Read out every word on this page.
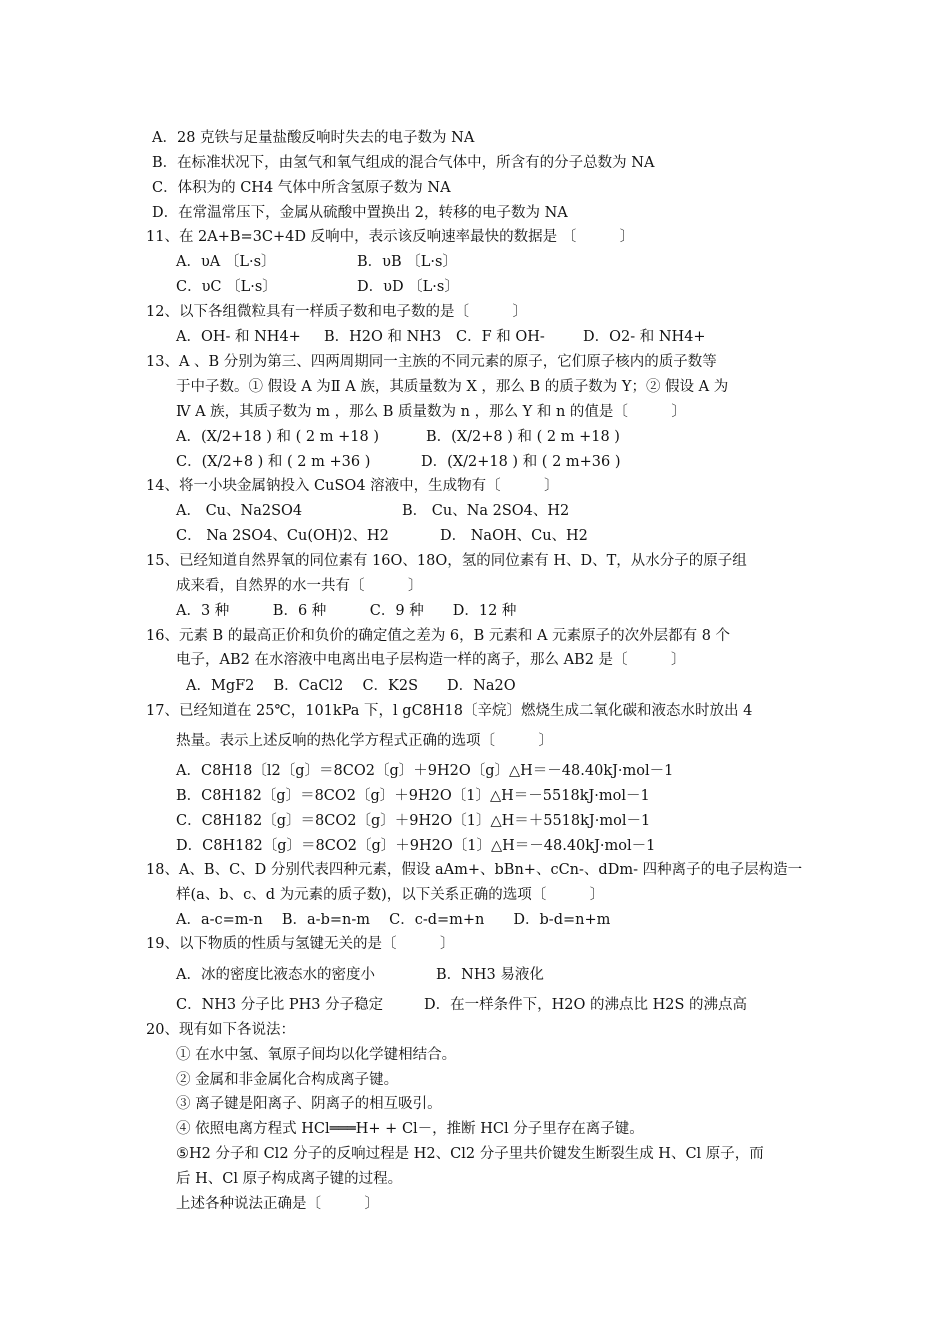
A．28 克铁与足量盐酸反响时失去的电子数为 NA
B．在标准状况下，由氢气和氧气组成的混合气体中，所含有的分子总数为 NA
C．体积为的 CH4 气体中所含氢原子数为 NA
D．在常温常压下，金属从硫酸中置换出 2，转移的电子数为 NA
11、在 2A+B=3C+4D 反响中，表示该反响速率最快的数据是 〔　　　〕
A．υA 〔L·s〕	B．υB 〔L·s〕
C．υC 〔L·s〕	D．υD 〔L·s〕
12、以下各组微粒具有一样质子数和电子数的是〔　　　〕
A．OH- 和 NH4+ B．H2O 和 NH3 C．F 和 OH-	D．O2- 和 NH4+
13、A 、B 分别为第三、四两周期同一主族的不同元素的原子，它们原子核内的质子数等
于中子数。① 假设 A 为Ⅱ A 族，其质量数为 X ，那么 B 的质子数为 Y；② 假设 A 为
Ⅳ A 族，其质子数为 m ，那么 B 质量数为 n ，那么 Y 和 n 的值是〔　　　〕
A．(X/2+18 ) 和 ( 2 m +18 )	B．(X/2+8 ) 和 ( 2 m +18 )
C．(X/2+8 ) 和 ( 2 m +36 )	D．(X/2+18 ) 和 ( 2 m+36 )
14、将一小块金属钠投入 CuSO4 溶液中，生成物有〔　　　〕
A． Cu、Na2SO4	B． Cu、Na 2SO4、H2
C． Na 2SO4、Cu(OH)2、H2	D． NaOH、Cu、H2
15、已经知道自然界氧的同位素有 16O、18O，氢的同位素有 H、D、T，从水分子的原子组
成来看，自然界的水一共有〔　　　〕
A．3 种　　　B．6 种　　　C．9 种　　D．12 种
16、元素 B 的最高正价和负价的确定值之差为 6，B 元素和 A 元素原子的次外层都有 8 个
电子，AB2 在水溶液中电离出电子层构造一样的离子，那么 AB2 是〔　　　〕
A．MgF2　 B．CaCl2　 C．K2S　　D．Na2O
17、已经知道在 25℃，101kPa 下，l gC8H18〔辛烷〕燃烧生成二氧化碳和液态水时放出 4
热量。表示上述反响的热化学方程式正确的选项〔　　　〕
A．C8H18〔l2〔g〕＝8CO2〔g〕＋9H2O〔g〕△H＝－48.40kJ·mol－1
B．C8H182〔g〕＝8CO2〔g〕＋9H2O〔1〕△H＝－5518kJ·mol－1
C．C8H182〔g〕＝8CO2〔g〕＋9H2O〔1〕△H＝＋5518kJ·mol－1
D．C8H182〔g〕＝8CO2〔g〕＋9H2O〔1〕△H＝－48.40kJ·mol－1
18、A、B、C、D 分别代表四种元素，假设 aAm+、bBn+、cCn-、dDm- 四种离子的电子层构造一
样(a、b、c、d 为元素的质子数)，以下关系正确的选项〔　　　〕
A．a-c=m-n　 B．a-b=n-m　 C．c-d=m+n　　D．b-d=n+m
19、以下物质的性质与氢键无关的是〔　　　〕
A．冰的密度比液态水的密度小	B．NH3 易液化
C．NH3 分子比 PH3 分子稳定	D．在一样条件下，H2O 的沸点比 H2S 的沸点高
20、现有如下各说法：
① 在水中氢、氧原子间均以化学键相结合。
② 金属和非金属化合构成离子键。
③ 离子键是阳离子、阴离子的相互吸引。
④ 依照电离方程式 HCl═══H+ + Cl－，推断 HCl 分子里存在离子键。
⑤H2 分子和 Cl2 分子的反响过程是 H2、Cl2 分子里共价键发生断裂生成 H、Cl 原子，而
后 H、Cl 原子构成离子键的过程。
上述各种说法正确是〔　　　〕
